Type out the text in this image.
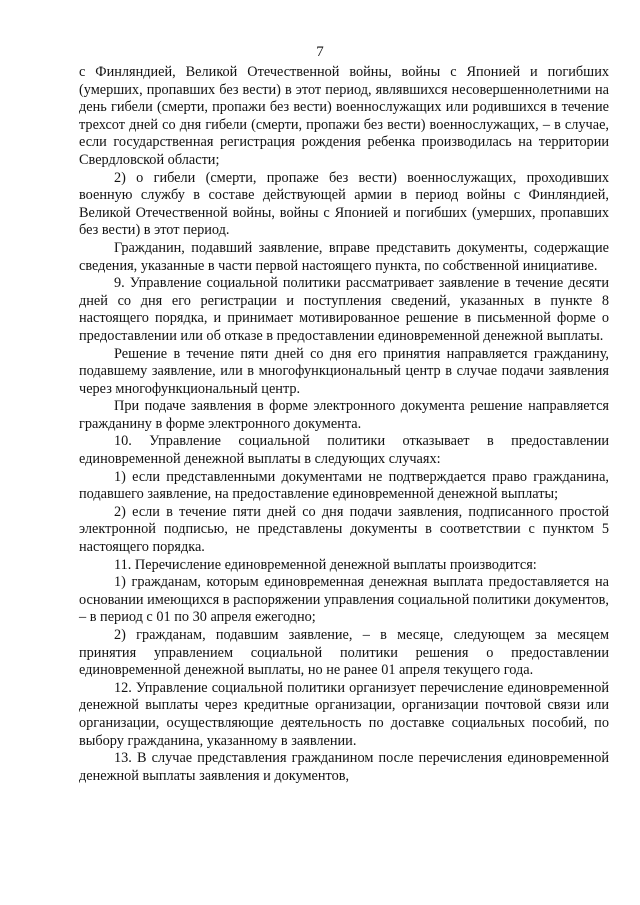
7

с Финляндией, Великой Отечественной войны, войны с Японией и погибших (умерших, пропавших без вести) в этот период, являвшихся несовершеннолетними на день гибели (смерти, пропажи без вести) военнослужащих или родившихся в течение трехсот дней со дня гибели (смерти, пропажи без вести) военнослужащих, – в случае, если государственная регистрация рождения ребенка производилась на территории Свердловской области;

2) о гибели (смерти, пропаже без вести) военнослужащих, проходивших военную службу в составе действующей армии в период войны с Финляндией, Великой Отечественной войны, войны с Японией и погибших (умерших, пропавших без вести) в этот период.

Гражданин, подавший заявление, вправе представить документы, содержащие сведения, указанные в части первой настоящего пункта, по собственной инициативе.

9. Управление социальной политики рассматривает заявление в течение десяти дней со дня его регистрации и поступления сведений, указанных в пункте 8 настоящего порядка, и принимает мотивированное решение в письменной форме о предоставлении или об отказе в предоставлении единовременной денежной выплаты.

Решение в течение пяти дней со дня его принятия направляется гражданину, подавшему заявление, или в многофункциональный центр в случае подачи заявления через многофункциональный центр.

При подаче заявления в форме электронного документа решение направляется гражданину в форме электронного документа.

10. Управление социальной политики отказывает в предоставлении единовременной денежной выплаты в следующих случаях:

1) если представленными документами не подтверждается право гражданина, подавшего заявление, на предоставление единовременной денежной выплаты;

2) если в течение пяти дней со дня подачи заявления, подписанного простой электронной подписью, не представлены документы в соответствии с пунктом 5 настоящего порядка.

11. Перечисление единовременной денежной выплаты производится:

1) гражданам, которым единовременная денежная выплата предоставляется на основании имеющихся в распоряжении управления социальной политики документов, – в период с 01 по 30 апреля ежегодно;

2) гражданам, подавшим заявление, – в месяце, следующем за месяцем принятия управлением социальной политики решения о предоставлении единовременной денежной выплаты, но не ранее 01 апреля текущего года.

12. Управление социальной политики организует перечисление единовременной денежной выплаты через кредитные организации, организации почтовой связи или организации, осуществляющие деятельность по доставке социальных пособий, по выбору гражданина, указанному в заявлении.

13. В случае представления гражданином после перечисления единовременной денежной выплаты заявления и документов,
